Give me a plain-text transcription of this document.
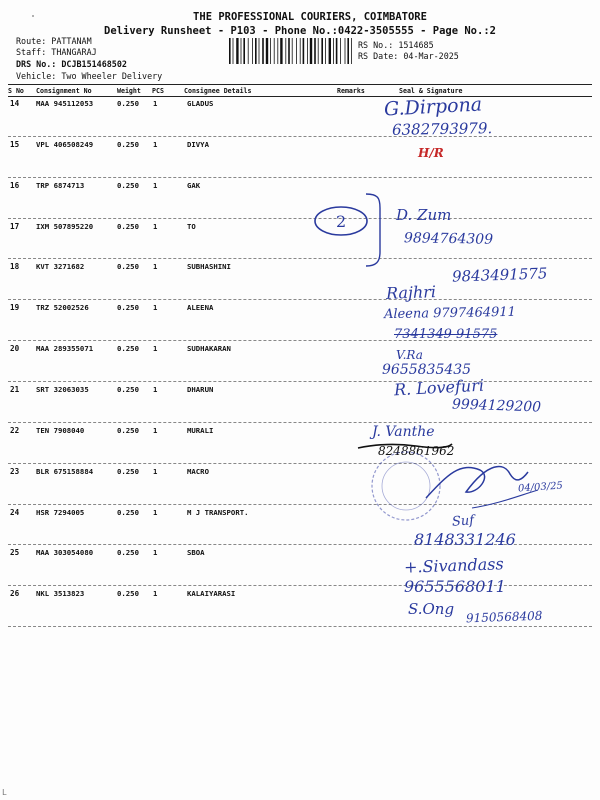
THE PROFESSIONAL COURIERS, COIMBATORE
Delivery Runsheet - P103 - Phone No.:0422-3505555 - Page No.:2
Route: PATTANAM
Staff: THANGARAJ
DRS No.: DCJB151468502
Vehicle: Two Wheeler Delivery
RS No.: 1514685
RS Date: 04-Mar-2025
S No Consignment No	Weight PCS	Consignee Details	Remarks	Seal & Signature
14 MAA 945112053	0.250 1	GLADUS
15 VPL 406508249	0.250 1	DIVYA
16 TRP 6874713	0.250 1	GAK
17 IXM 507895220	0.250 1	TO
18 KVT 3271682	0.250 1	SUBHASHINI
19 TRZ 52002526	0.250 1	ALEENA
20 MAA 289355071	0.250 1	SUDHAKARAN
21 SRT 32063035	0.250 1	DHARUN
22 TEN 7908040	0.250 1	MURALI
23 BLR 675158884	0.250 1	MACRO
24 HSR 7294005	0.250 1	M J TRANSPORT.
25 MAA 303054080	0.250 1	SBOA
26 NKL 3513823	0.250 1	KALAIYARASI
G.Dirpona
6382793979.
H/R
2	D. Zum
9894764309
9843491575
Rajhri
Aleena 9797464911
7341349 91575
V.Ra
9655835435
R. Lovefuri
9994129200
J. Vanthe
8248861962
04/03/25
Suf
8148331246
+.Sivandass
9655568011
S.Ong 9150568408
L
